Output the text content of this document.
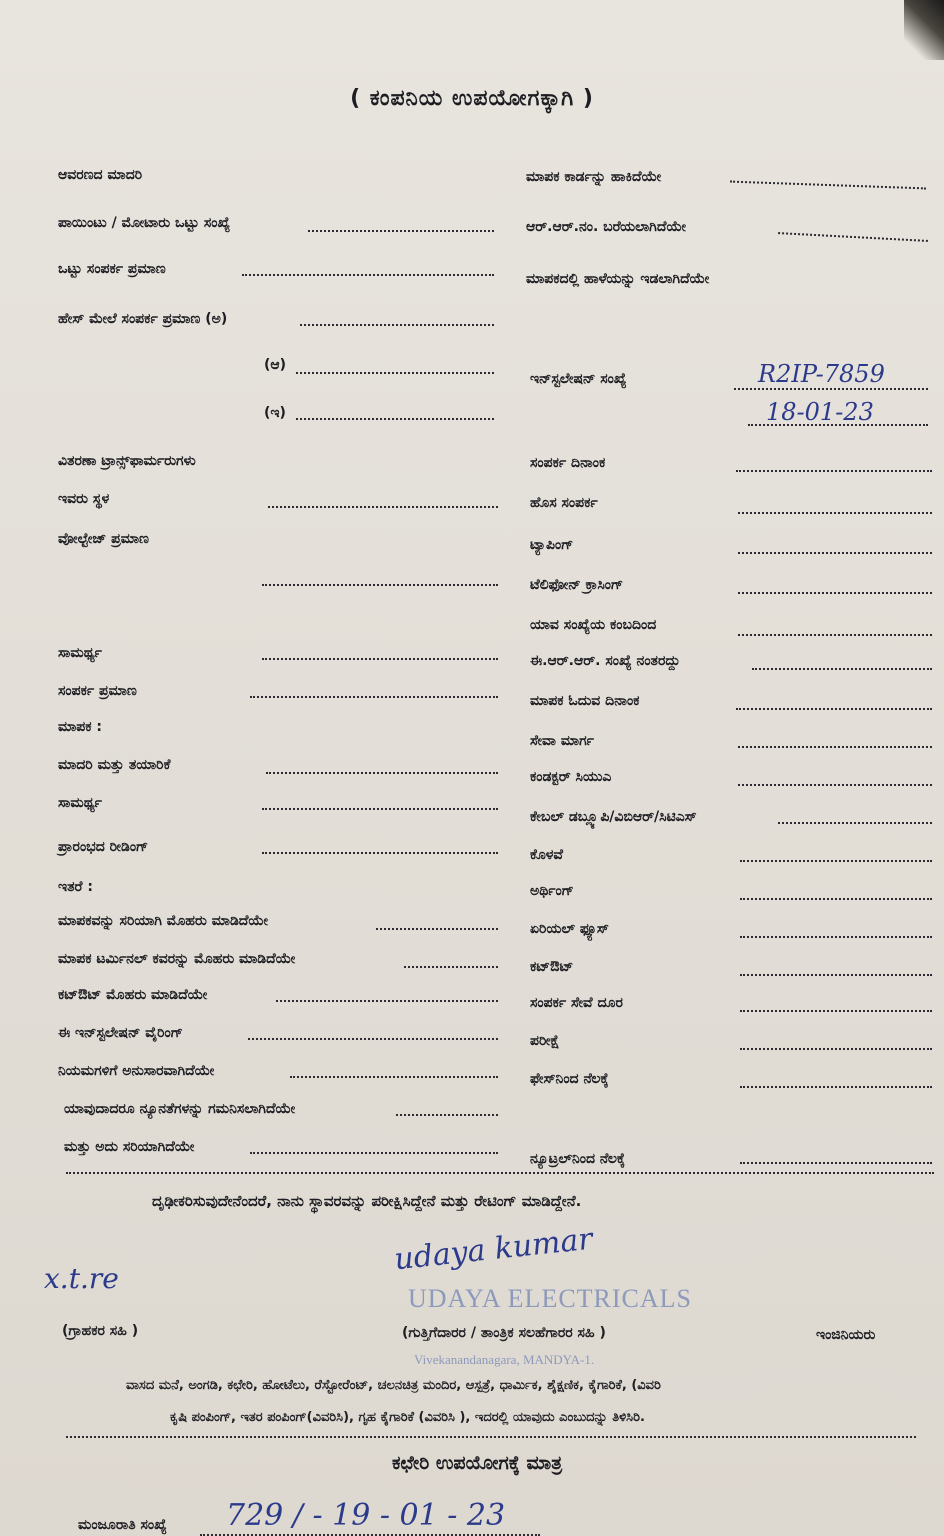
( ಕಂಪನಿಯ ಉಪಯೋಗಕ್ಕಾಗಿ )
ಆವರಣದ ಮಾದರಿ
ಪಾಯಿಂಟು / ಮೋಟಾರು ಒಟ್ಟು ಸಂಖ್ಯೆ
ಒಟ್ಟು ಸಂಪರ್ಕ ಪ್ರಮಾಣ
ಹೇಸ್ ಮೇಲೆ ಸಂಪರ್ಕ ಪ್ರಮಾಣ (ಅ)
(ಆ)
(ಇ)
ವಿತರಣಾ ಟ್ರಾನ್ಸ್‌ಫಾರ್ಮರುಗಳು
ಇವರು ಸ್ಥಳ
ವೋಲ್ಟೇಜ್ ಪ್ರಮಾಣ
ಸಾಮರ್ಥ್ಯ
ಸಂಪರ್ಕ ಪ್ರಮಾಣ
ಮಾಪಕ :
ಮಾದರಿ ಮತ್ತು ತಯಾರಿಕೆ
ಸಾಮರ್ಥ್ಯ
ಪ್ರಾರಂಭದ ರೀಡಿಂಗ್
ಇತರೆ :
ಮಾಪಕವನ್ನು ಸರಿಯಾಗಿ ಮೊಹರು ಮಾಡಿದೆಯೇ
ಮಾಪಕ ಟರ್ಮಿನಲ್ ಕವರನ್ನು ಮೊಹರು ಮಾಡಿದೆಯೇ
ಕಟ್‌ಔಟ್ ಮೊಹರು ಮಾಡಿದೆಯೇ
ಈ ಇನ್‌ಸ್ಟಲೇಷನ್ ವೈರಿಂಗ್
ನಿಯಮಗಳಿಗೆ ಅನುಸಾರವಾಗಿದೆಯೇ
ಯಾವುದಾದರೂ ನ್ಯೂನತೆಗಳನ್ನು ಗಮನಿಸಲಾಗಿದೆಯೇ
ಮತ್ತು ಅದು ಸರಿಯಾಗಿದೆಯೇ
ಮಾಪಕ ಕಾರ್ಡನ್ನು ಹಾಕಿದೆಯೇ
ಆರ್.ಆರ್.ನಂ. ಬರೆಯಲಾಗಿದೆಯೇ
ಮಾಪಕದಲ್ಲಿ ಹಾಳೆಯನ್ನು ಇಡಲಾಗಿದೆಯೇ
ಇನ್‌ಸ್ಟಲೇಷನ್ ಸಂಖ್ಯೆ	R2IP-7859
18-01-23
ಸಂಪರ್ಕ ದಿನಾಂಕ
ಹೊಸ ಸಂಪರ್ಕ
ಟ್ಯಾಪಿಂಗ್
ಟೆಲಿಫೋನ್ ಕ್ರಾಸಿಂಗ್
ಯಾವ ಸಂಖ್ಯೆಯ ಕಂಬದಿಂದ
ಈ.ಆರ್.ಆರ್. ಸಂಖ್ಯೆ ನಂತರದ್ದು
ಮಾಪಕ ಓದುವ ದಿನಾಂಕ
ಸೇವಾ ಮಾರ್ಗ
ಕಂಡಕ್ಟರ್ ಸಿಯುಎ
ಕೇಬಲ್ ಡಬ್ಲ್ಯೂಪಿ/ವಿಬಿಆರ್/ಸಿಟಿಎಸ್
ಕೊಳವೆ
ಅರ್ಥಿಂಗ್
ಏರಿಯಲ್ ಫ್ಯೂಸ್
ಕಟ್‌ಔಟ್
ಸಂಪರ್ಕ ಸೇವೆ ದೂರ
ಪರೀಕ್ಷೆ
ಫೇಸ್‌ನಿಂದ ನೆಲಕ್ಕೆ
ನ್ಯೂಟ್ರಲ್‌ನಿಂದ ನೆಲಕ್ಕೆ
ದೃಢೀಕರಿಸುವುದೇನೆಂದರೆ, ನಾನು ಸ್ಥಾವರವನ್ನು ಪರೀಕ್ಷಿಸಿದ್ದೇನೆ ಮತ್ತು ರೇಟಿಂಗ್ ಮಾಡಿದ್ದೇನೆ.
UDAYA ELECTRICALS
Vivekanandanagara, MANDYA-1.
x.t.re
udaya kumar
(ಗ್ರಾಹಕರ ಸಹಿ )	(ಗುತ್ತಿಗೆದಾರರ / ತಾಂತ್ರಿಕ ಸಲಹೆಗಾರರ ಸಹಿ )	ಇಂಜಿನಿಯರು
ವಾಸದ ಮನೆ, ಅಂಗಡಿ, ಕಛೇರಿ, ಹೋಟೆಲು, ರೆಸ್ಟೋರೆಂಟ್, ಚಲನಚಿತ್ರ ಮಂದಿರ, ಆಸ್ಪತ್ರೆ, ಧಾರ್ಮಿಕ, ಶೈಕ್ಷಣಿಕ, ಕೈಗಾರಿಕೆ, (ವಿವರಿ
ಕೃಷಿ ಪಂಪಿಂಗ್, ಇತರ ಪಂಪಿಂಗ್(ವಿವರಿಸಿ), ಗೃಹ ಕೈಗಾರಿಕೆ (ವಿವರಿಸಿ ), ಇದರಲ್ಲಿ ಯಾವುದು ಎಂಬುದನ್ನು ತಿಳಿಸಿರಿ.
ಕಛೇರಿ ಉಪಯೋಗಕ್ಕೆ ಮಾತ್ರ
ಮಂಜೂರಾತಿ ಸಂಖ್ಯೆ 729 / - 19 - 01 - 23
